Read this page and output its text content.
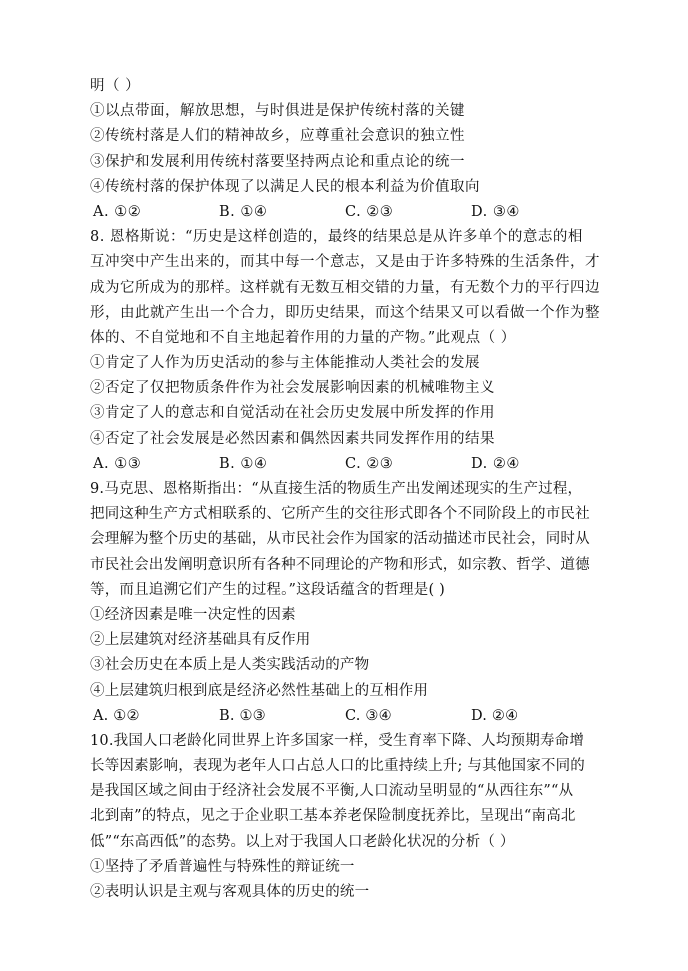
明（ ）
①以点带面，解放思想，与时俱进是保护传统村落的关键
②传统村落是人们的精神故乡，应尊重社会意识的独立性
③保护和发展利用传统村落要坚持两点论和重点论的统一
④传统村落的保护体现了以满足人民的根本利益为价值取向
A. ①②	B. ①④	C. ②③	D. ③④
8. 恩格斯说：“历史是这样创造的，最终的结果总是从许多单个的意志的相
互冲突中产生出来的，而其中每一个意志，又是由于许多特殊的生活条件，才
成为它所成为的那样。这样就有无数互相交错的力量，有无数个力的平行四边
形，由此就产生出一个合力，即历史结果，而这个结果又可以看做一个作为整
体的、不自觉地和不自主地起着作用的力量的产物。”此观点（ ）
①肯定了人作为历史活动的参与主体能推动人类社会的发展
②否定了仅把物质条件作为社会发展影响因素的机械唯物主义
③肯定了人的意志和自觉活动在社会历史发展中所发挥的作用
④否定了社会发展是必然因素和偶然因素共同发挥作用的结果
A. ①③	B. ①④	C. ②③	D. ②④
9.马克思、恩格斯指出：“从直接生活的物质生产出发阐述现实的生产过程，
把同这种生产方式相联系的、它所产生的交往形式即各个不同阶段上的市民社
会理解为整个历史的基础，从市民社会作为国家的活动描述市民社会，同时从
市民社会出发阐明意识所有各种不同理论的产物和形式，如宗教、哲学、道德
等，而且追溯它们产生的过程。”这段话蕴含的哲理是( )
①经济因素是唯一决定性的因素
②上层建筑对经济基础具有反作用
③社会历史在本质上是人类实践活动的产物
④上层建筑归根到底是经济必然性基础上的互相作用
A. ①②	B. ①③	C. ③④	D. ②④
10.我国人口老龄化同世界上许多国家一样，受生育率下降、人均预期寿命增
长等因素影响，表现为老年人口占总人口的比重持续上升; 与其他国家不同的
是我国区域之间由于经济社会发展不平衡,人口流动呈明显的“从西往东”“从
北到南”的特点，见之于企业职工基本养老保险制度抚养比，呈现出“南高北
低”“东高西低”的态势。以上对于我国人口老龄化状况的分析（ ）
①坚持了矛盾普遍性与特殊性的辩证统一
②表明认识是主观与客观具体的历史的统一
